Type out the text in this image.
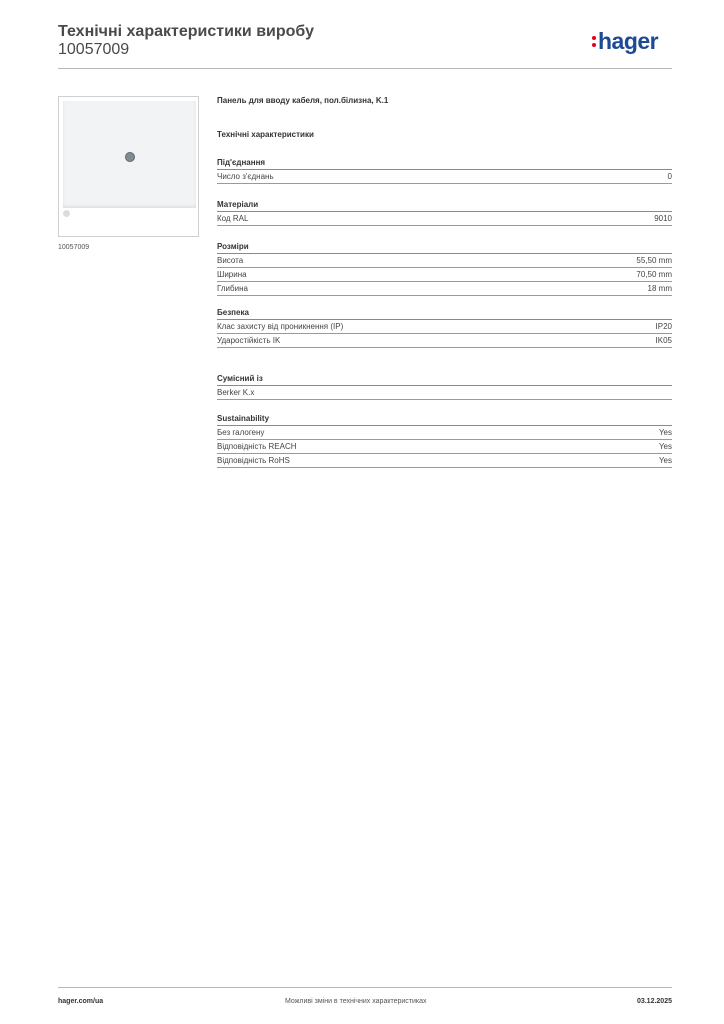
Технічні характеристики виробу
10057009	hager
10057009
Панель для вводу кабеля, пол.білизна, K.1
Технічні характеристики
Під'єднання
Число з'єднань	0
Матеріали
Код RAL	9010
Розміри
Висота	55,50 mm
Ширина	70,50 mm
Глибина	18 mm
Безпека
Клас захисту від проникнення (IP)	IP20
Ударостійкість IK	IK05
Сумісний із
Berker K.x
Sustainability
Без галогену	Yes
Відповідність REACH	Yes
Відповідність RoHS	Yes
hager.com/ua	Можливі зміни в технічних характеристиках	03.12.2025
